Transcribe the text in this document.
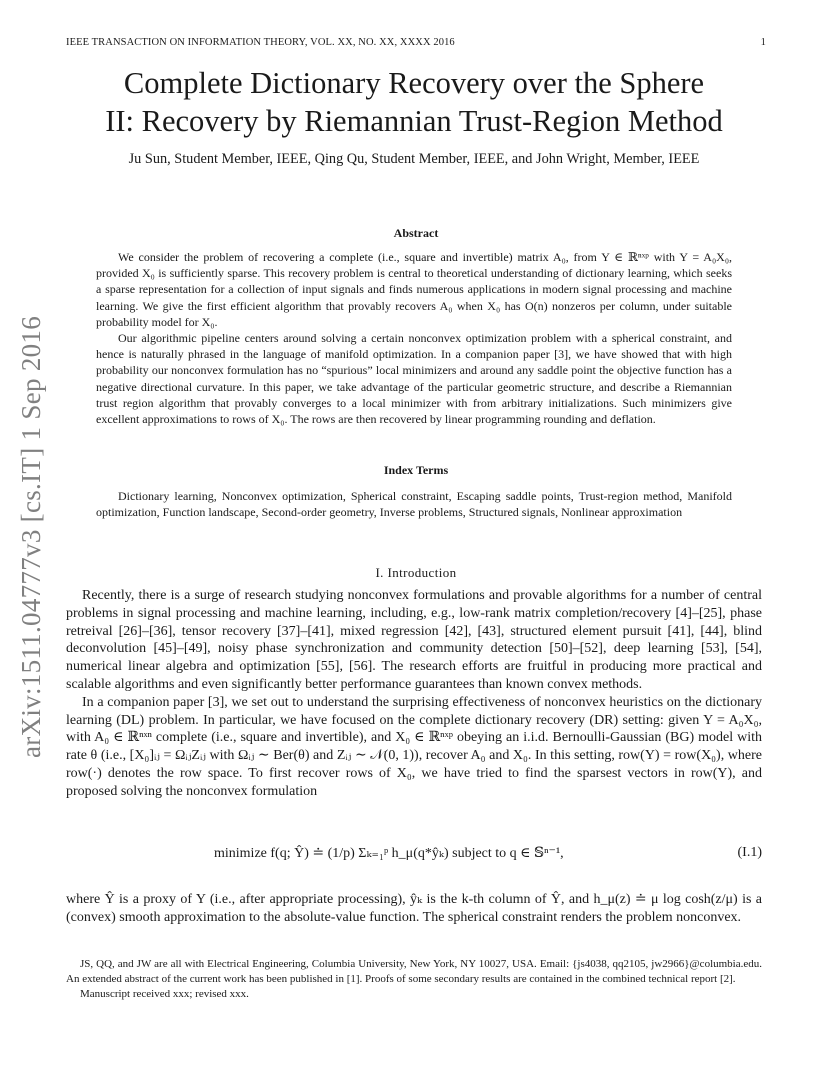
IEEE TRANSACTION ON INFORMATION THEORY, VOL. XX, NO. XX, XXXX 2016	1
arXiv:1511.04777v3 [cs.IT] 1 Sep 2016
Complete Dictionary Recovery over the Sphere
II: Recovery by Riemannian Trust-Region Method
Ju Sun, Student Member, IEEE, Qing Qu, Student Member, IEEE, and John Wright, Member, IEEE
Abstract

We consider the problem of recovering a complete (i.e., square and invertible) matrix A₀, from Y ∈ ℝⁿˣᵖ with Y = A₀X₀, provided X₀ is sufficiently sparse. This recovery problem is central to theoretical understanding of dictionary learning, which seeks a sparse representation for a collection of input signals and finds numerous applications in modern signal processing and machine learning. We give the first efficient algorithm that provably recovers A₀ when X₀ has O(n) nonzeros per column, under suitable probability model for X₀.

Our algorithmic pipeline centers around solving a certain nonconvex optimization problem with a spherical constraint, and hence is naturally phrased in the language of manifold optimization. In a companion paper [3], we have showed that with high probability our nonconvex formulation has no “spurious” local minimizers and around any saddle point the objective function has a negative directional curvature. In this paper, we take advantage of the particular geometric structure, and describe a Riemannian trust region algorithm that provably converges to a local minimizer with from arbitrary initializations. Such minimizers give excellent approximations to rows of X₀. The rows are then recovered by linear programming rounding and deflation.

Index Terms

Dictionary learning, Nonconvex optimization, Spherical constraint, Escaping saddle points, Trust-region method, Manifold optimization, Function landscape, Second-order geometry, Inverse problems, Structured signals, Nonlinear approximation

I. Introduction

Recently, there is a surge of research studying nonconvex formulations and provable algorithms for a number of central problems in signal processing and machine learning, including, e.g., low-rank matrix completion/recovery [4]–[25], phase retreival [26]–[36], tensor recovery [37]–[41], mixed regression [42], [43], structured element pursuit [41], [44], blind deconvolution [45]–[49], noisy phase synchronization and community detection [50]–[52], deep learning [53], [54], numerical linear algebra and optimization [55], [56]. The research efforts are fruitful in producing more practical and scalable algorithms and even significantly better performance guarantees than known convex methods.

In a companion paper [3], we set out to understand the surprising effectiveness of nonconvex heuristics on the dictionary learning (DL) problem. In particular, we have focused on the complete dictionary recovery (DR) setting: given Y = A₀X₀, with A₀ ∈ ℝⁿˣⁿ complete (i.e., square and invertible), and X₀ ∈ ℝⁿˣᵖ obeying an i.i.d. Bernoulli-Gaussian (BG) model with rate θ (i.e., [X₀]ᵢⱼ = ΩᵢⱼZᵢⱼ with Ωᵢⱼ ∼ Ber(θ) and Zᵢⱼ ∼ 𝒩(0, 1)), recover A₀ and X₀. In this setting, row(Y) = row(X₀), where row(·) denotes the row space. To first recover rows of X₀, we have tried to find the sparsest vectors in row(Y), and proposed solving the nonconvex formulation

minimize f(q; Ŷ) ≐ (1/p) Σₖ₌₁ᵖ h_μ(q*ŷₖ) subject to q ∈ 𝕊ⁿ⁻¹,	(I.1)

where Ŷ is a proxy of Y (i.e., after appropriate processing), ŷₖ is the k-th column of Ŷ, and h_μ(z) ≐ μ log cosh(z/μ) is a (convex) smooth approximation to the absolute-value function. The spherical constraint renders the problem nonconvex.

JS, QQ, and JW are all with Electrical Engineering, Columbia University, New York, NY 10027, USA. Email: {js4038, qq2105, jw2966}@columbia.edu. An extended abstract of the current work has been published in [1]. Proofs of some secondary results are contained in the combined technical report [2].

Manuscript received xxx; revised xxx.
